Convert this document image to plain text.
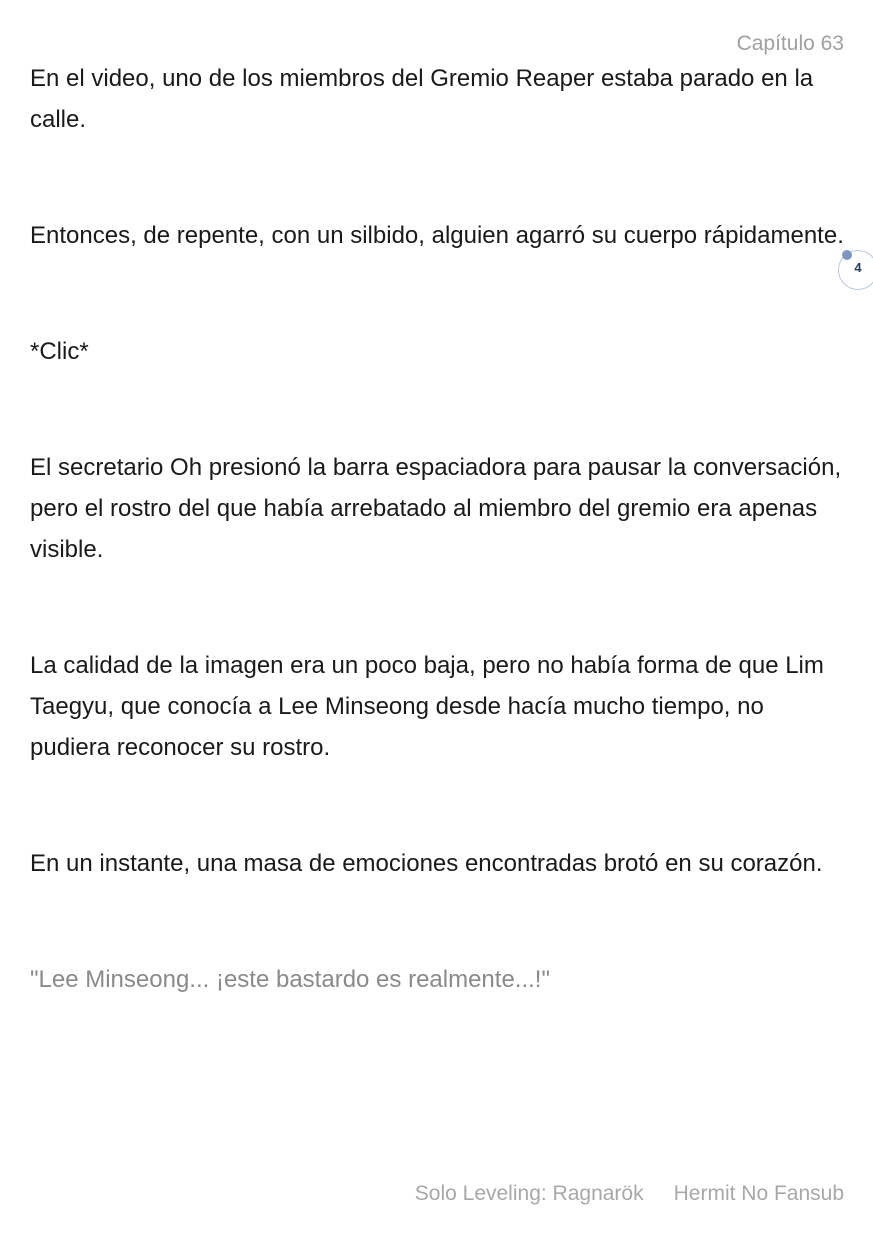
Capítulo 63
4

En el video, uno de los miembros del Gremio Reaper estaba parado en la calle.

Entonces, de repente, con un silbido, alguien agarró su cuerpo rápidamente.

*Clic*

El secretario Oh presionó la barra espaciadora para pausar la conversación, pero el rostro del que había arrebatado al miembro del gremio era apenas visible.

La calidad de la imagen era un poco baja, pero no había forma de que Lim Taegyu, que conocía a Lee Minseong desde hacía mucho tiempo, no pudiera reconocer su rostro.

En un instante, una masa de emociones encontradas brotó en su corazón.

"Lee Minseong... ¡este bastardo es realmente...!"

Solo Leveling: Ragnarök Hermit No Fansub
